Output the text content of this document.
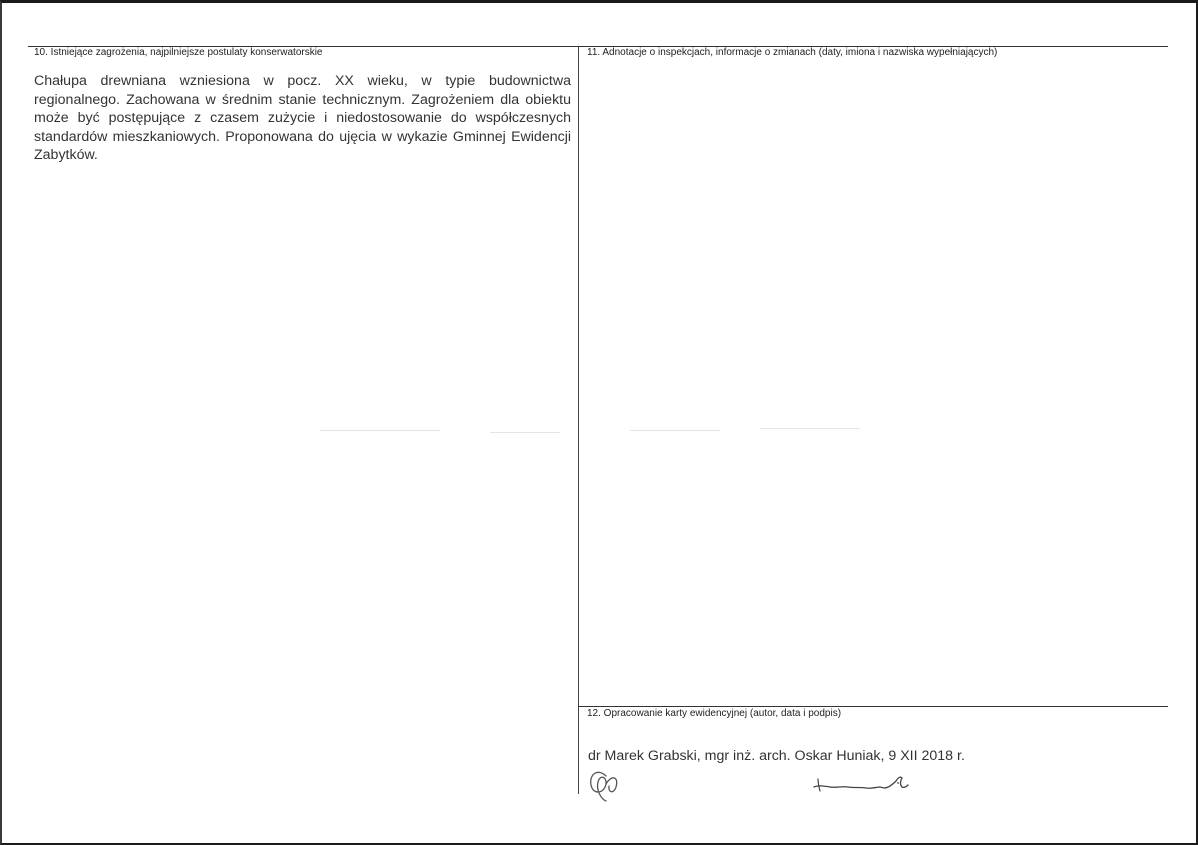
10. Istniejące zagrożenia, najpilniejsze postulaty konserwatorskie

Chałupa drewniana wzniesiona w pocz. XX wieku, w typie budownictwa regionalnego. Zachowana w średnim stanie technicznym. Zagrożeniem dla obiektu może być postępujące z czasem zużycie i niedostosowanie do współczesnych standardów mieszkaniowych. Proponowana do ujęcia w wykazie Gminnej Ewidencji Zabytków.

11. Adnotacje o inspekcjach, informacje o zmianach (daty, imiona i nazwiska wypełniających)
12. Opracowanie karty ewidencyjnej (autor, data i podpis)
dr Marek Grabski, mgr inż. arch. Oskar Huniak, 9 XII 2018 r.
